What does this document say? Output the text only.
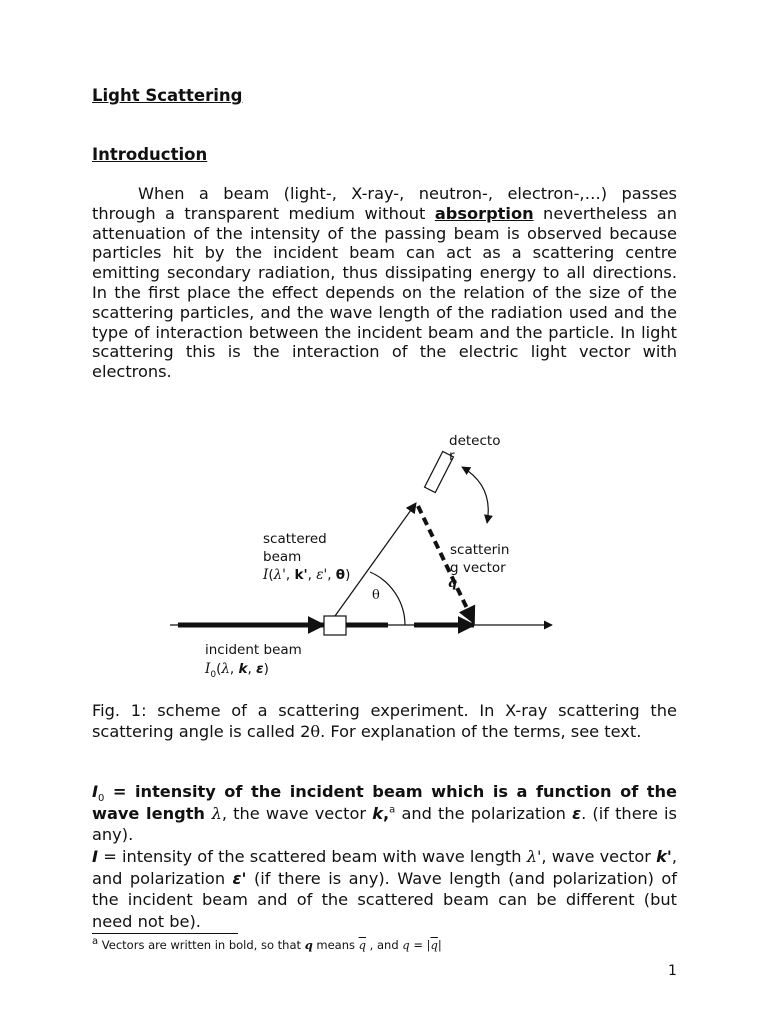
Light Scattering
Introduction

When a beam (light-, X-ray-, neutron-, electron-,…) passes through a transparent medium without absorption nevertheless an attenuation of the intensity of the passing beam is observed because particles hit by the incident beam can act as a scattering centre emitting secondary radiation, thus dissipating energy to all directions. In the first place the effect depends on the relation of the size of the scattering particles, and the wave length of the radiation used and the type of interaction between the incident beam and the particle. In light scattering this is the interaction of the electric light vector with electrons.

detecto
r
scattered
beam
I(λ', k', ε', θ)
scatterin
g vector
q
θ
incident beam
$I_0(\lambda$, k, ε)

Fig. 1: scheme of a scattering experiment. In X-ray scattering the scattering angle is called 2θ. For explanation of the terms, see text.

$I_0$ = intensity of the incident beam which is a function of the wave length λ, the wave vector k,$^a$ and the polarization ε. (if there is any).

I = intensity of the scattered beam with wave length λ', wave vector k', and polarization ε' (if there is any). Wave length (and polarization) of the incident beam and of the scattered beam can be different (but need not be).

$^a$ Vectors are written in bold, so that q means $\overline{q}$ , and $q = |\overline{q}|$

1
